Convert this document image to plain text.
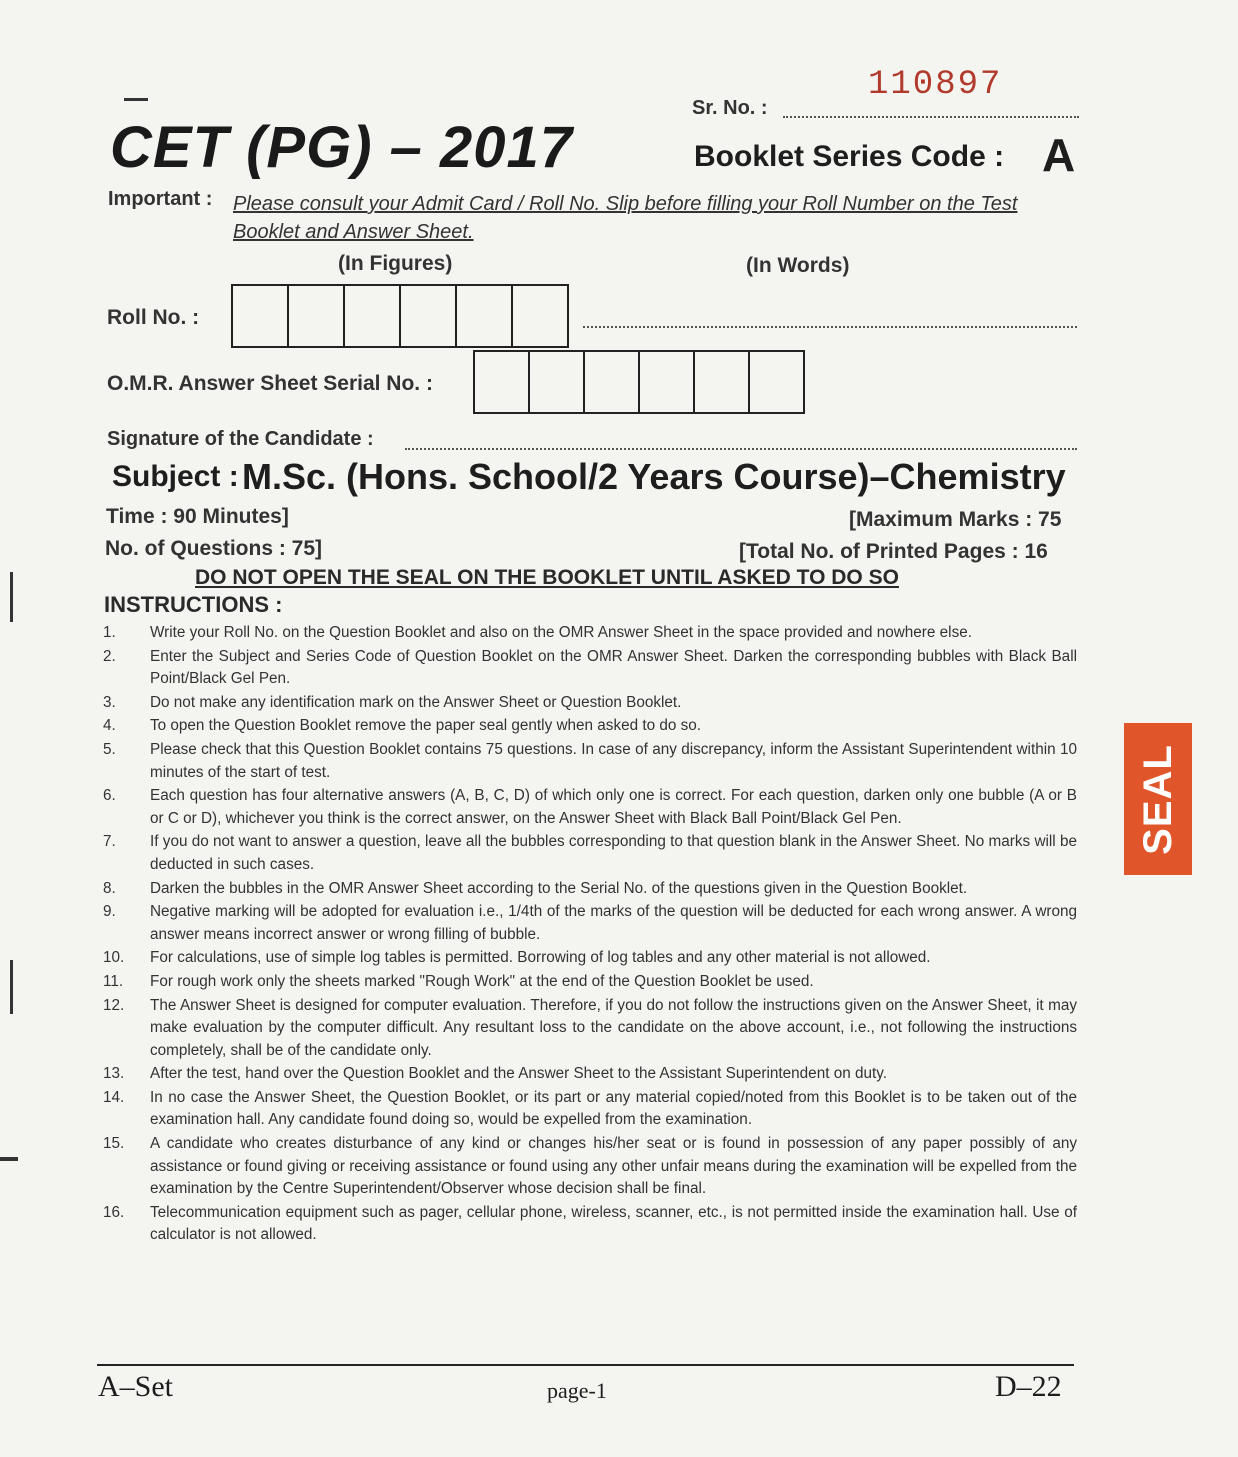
110897
Sr. No. :
CET (PG) – 2017	Booklet Series Code : A
Important : Please consult your Admit Card / Roll No. Slip before filling your Roll Number on the Test Booklet and Answer Sheet.
(In Figures)	(In Words)
Roll No. :
O.M.R. Answer Sheet Serial No. :
Signature of the Candidate :
Subject : M.Sc. (Hons. School/2 Years Course)–Chemistry
Time : 90 Minutes]	[Maximum Marks : 75
No. of Questions : 75]	[Total No. of Printed Pages : 16
DO NOT OPEN THE SEAL ON THE BOOKLET UNTIL ASKED TO DO SO
INSTRUCTIONS :
1.	Write your Roll No. on the Question Booklet and also on the OMR Answer Sheet in the space provided and nowhere else.
2.	Enter the Subject and Series Code of Question Booklet on the OMR Answer Sheet. Darken the corresponding bubbles with Black Ball Point/Black Gel Pen.
3.	Do not make any identification mark on the Answer Sheet or Question Booklet.
4.	To open the Question Booklet remove the paper seal gently when asked to do so.
5.	Please check that this Question Booklet contains 75 questions. In case of any discrepancy, inform the Assistant Superintendent within 10 minutes of the start of test.
6.	Each question has four alternative answers (A, B, C, D) of which only one is correct. For each question, darken only one bubble (A or B or C or D), whichever you think is the correct answer, on the Answer Sheet with Black Ball Point/Black Gel Pen.
7.	If you do not want to answer a question, leave all the bubbles corresponding to that question blank in the Answer Sheet. No marks will be deducted in such cases.
8.	Darken the bubbles in the OMR Answer Sheet according to the Serial No. of the questions given in the Question Booklet.
9.	Negative marking will be adopted for evaluation i.e., 1/4th of the marks of the question will be deducted for each wrong answer. A wrong answer means incorrect answer or wrong filling of bubble.
10.	For calculations, use of simple log tables is permitted. Borrowing of log tables and any other material is not allowed.
11.	For rough work only the sheets marked "Rough Work" at the end of the Question Booklet be used.
12.	The Answer Sheet is designed for computer evaluation. Therefore, if you do not follow the instructions given on the Answer Sheet, it may make evaluation by the computer difficult. Any resultant loss to the candidate on the above account, i.e., not following the instructions completely, shall be of the candidate only.
13.	After the test, hand over the Question Booklet and the Answer Sheet to the Assistant Superintendent on duty.
14.	In no case the Answer Sheet, the Question Booklet, or its part or any material copied/noted from this Booklet is to be taken out of the examination hall. Any candidate found doing so, would be expelled from the examination.
15.	A candidate who creates disturbance of any kind or changes his/her seat or is found in possession of any paper possibly of any assistance or found giving or receiving assistance or found using any other unfair means during the examination will be expelled from the examination by the Centre Superintendent/Observer whose decision shall be final.
16.	Telecommunication equipment such as pager, cellular phone, wireless, scanner, etc., is not permitted inside the examination hall. Use of calculator is not allowed.
A–Set	page-1	D–22
SEAL
